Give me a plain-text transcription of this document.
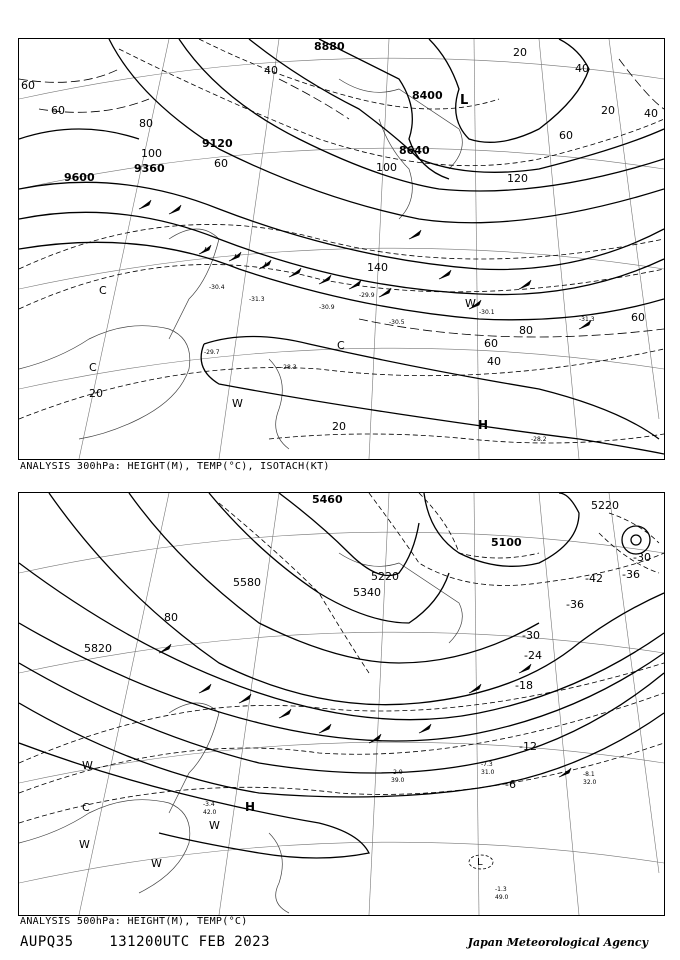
-30.4
-31.3
-29.7
-30.9
-30.5
-28.3
-29.9
-30.1
-31.3
-28.2
8880
8400
8640
9120
9360
9600
40
60
80
100
120
140
20
80
60
40
20
60
60
100
20
20
40
40
60
60
L
H
C
C
C
W
W
ANALYSIS 300hPa: HEIGHT(M), TEMP(°C), ISOTACH(KT)
-7.3
31.0	-8.1
32.0
-1.3
49.0
-3.4
42.0
-2.9
39.0
5460
5100
5220
5820
5580
5340
5220
80
-30
-36
-42
-36
-30
-24
-18
-12
-6
H
L
W
C
W
W
W
ANALYSIS 500hPa: HEIGHT(M), TEMP(°C)
AUPQ35	131200UTC FEB 2023	Japan Meteorological Agency
